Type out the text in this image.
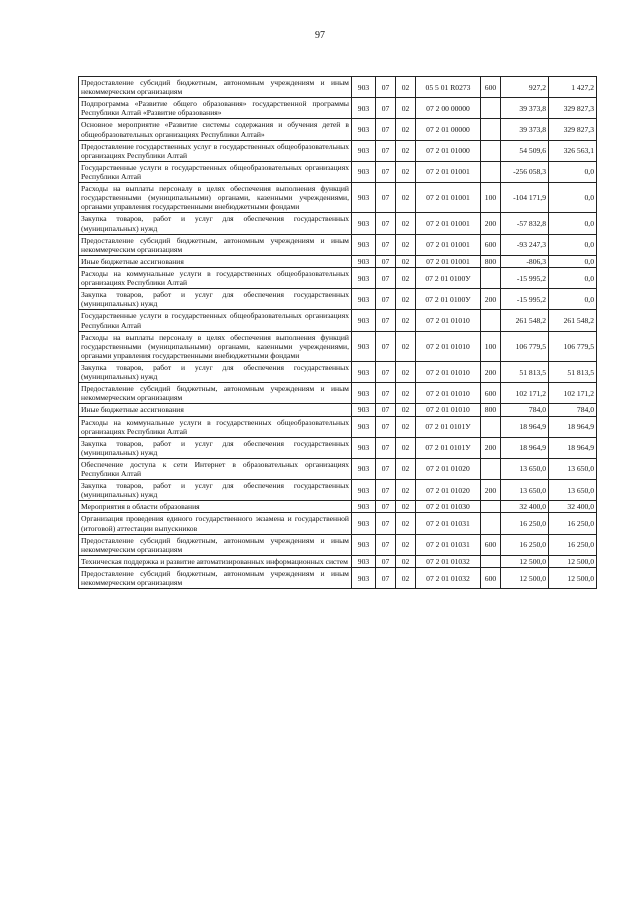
97
Предоставление субсидий бюджетным, автономным учреждениям и иным некоммерческим организациям	903	07	02	05 5 01 R0273	600	927,2	1 427,2
Подпрограмма «Развитие общего образования» государственной программы Республики Алтай «Развитие образования»	903	07	02	07 2 00 00000		39 373,8	329 827,3
Основное мероприятие «Развитие системы содержания и обучения детей в общеобразовательных организациях Республики Алтай»	903	07	02	07 2 01 00000		39 373,8	329 827,3
Предоставление государственных услуг в государственных общеобразовательных организациях Республики Алтай	903	07	02	07 2 01 01000		54 509,6	326 563,1
Государственные услуги в государственных общеобразовательных организациях Республики Алтай	903	07	02	07 2 01 01001		-256 058,3	0,0
Расходы на выплаты персоналу в целях обеспечения выполнения функций государственными (муниципальными) органами, казенными учреждениями, органами управления государственными внебюджетными фондами	903	07	02	07 2 01 01001	100	-104 171,9	0,0
Закупка товаров, работ и услуг для обеспечения государственных (муниципальных) нужд	903	07	02	07 2 01 01001	200	-57 832,8	0,0
Предоставление субсидий бюджетным, автономным учреждениям и иным некоммерческим организациям	903	07	02	07 2 01 01001	600	-93 247,3	0,0
Иные бюджетные ассигнования	903	07	02	07 2 01 01001	800	-806,3	0,0
Расходы на коммунальные услуги в государственных общеобразовательных организациях Республики Алтай	903	07	02	07 2 01 0100У		-15 995,2	0,0
Закупка товаров, работ и услуг для обеспечения государственных (муниципальных) нужд	903	07	02	07 2 01 0100У	200	-15 995,2	0,0
Государственные услуги в государственных общеобразовательных организациях Республики Алтай	903	07	02	07 2 01 01010		261 548,2	261 548,2
Расходы на выплаты персоналу в целях обеспечения выполнения функций государственными (муниципальными) органами, казенными учреждениями, органами управления государственными внебюджетными фондами	903	07	02	07 2 01 01010	100	106 779,5	106 779,5
Закупка товаров, работ и услуг для обеспечения государственных (муниципальных) нужд	903	07	02	07 2 01 01010	200	51 813,5	51 813,5
Предоставление субсидий бюджетным, автономным учреждениям и иным некоммерческим организациям	903	07	02	07 2 01 01010	600	102 171,2	102 171,2
Иные бюджетные ассигнования	903	07	02	07 2 01 01010	800	784,0	784,0
Расходы на коммунальные услуги в государственных общеобразовательных организациях Республики Алтай	903	07	02	07 2 01 0101У		18 964,9	18 964,9
Закупка товаров, работ и услуг для обеспечения государственных (муниципальных) нужд	903	07	02	07 2 01 0101У	200	18 964,9	18 964,9
Обеспечение доступа к сети Интернет в образовательных организациях Республики Алтай	903	07	02	07 2 01 01020		13 650,0	13 650,0
Закупка товаров, работ и услуг для обеспечения государственных (муниципальных) нужд	903	07	02	07 2 01 01020	200	13 650,0	13 650,0
Мероприятия в области образования	903	07	02	07 2 01 01030		32 400,0	32 400,0
Организация проведения единого государственного экзамена и государственной (итоговой) аттестации выпускников	903	07	02	07 2 01 01031		16 250,0	16 250,0
Предоставление субсидий бюджетным, автономным учреждениям и иным некоммерческим организациям	903	07	02	07 2 01 01031	600	16 250,0	16 250,0
Техническая поддержка и развитие автоматизированных информационных систем	903	07	02	07 2 01 01032		12 500,0	12 500,0
Предоставление субсидий бюджетным, автономным учреждениям и иным некоммерческим организациям	903	07	02	07 2 01 01032	600	12 500,0	12 500,0
